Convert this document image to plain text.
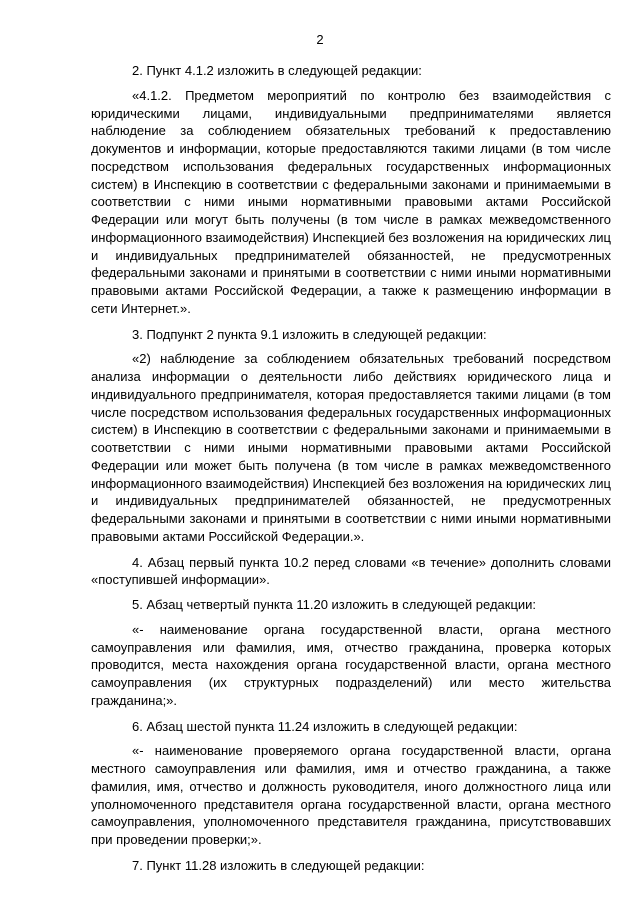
2

2. Пункт 4.1.2 изложить в следующей редакции:

«4.1.2. Предметом мероприятий по контролю без взаимодействия с юридическими лицами, индивидуальными предпринимателями является наблюдение за соблюдением обязательных требований к предоставлению документов и информации, которые предоставляются такими лицами (в том числе посредством использования федеральных государственных информационных систем) в Инспекцию в соответствии с федеральными законами и принимаемыми в соответствии с ними иными нормативными правовыми актами Российской Федерации или могут быть получены (в том числе в рамках межведомственного информационного взаимодействия) Инспекцией без возложения на юридических лиц и индивидуальных предпринимателей обязанностей, не предусмотренных федеральными законами и принятыми в соответствии с ними иными нормативными правовыми актами Российской Федерации, а также к размещению информации в сети Интернет.».

3. Подпункт 2 пункта 9.1 изложить в следующей редакции:

«2) наблюдение за соблюдением обязательных требований посредством анализа информации о деятельности либо действиях юридического лица и индивидуального предпринимателя, которая предоставляется такими лицами (в том числе посредством использования федеральных государственных информационных систем) в Инспекцию в соответствии с федеральными законами и принимаемыми в соответствии с ними иными нормативными правовыми актами Российской Федерации или может быть получена (в том числе в рамках межведомственного информационного взаимодействия) Инспекцией без возложения на юридических лиц и индивидуальных предпринимателей обязанностей, не предусмотренных федеральными законами и принятыми в соответствии с ними иными нормативными правовыми актами Российской Федерации.».

4. Абзац первый пункта 10.2 перед словами «в течение» дополнить словами «поступившей информации».

5. Абзац четвертый пункта 11.20 изложить в следующей редакции:

«- наименование органа государственной власти, органа местного самоуправления или фамилия, имя, отчество гражданина, проверка которых проводится, места нахождения органа государственной власти, органа местного самоуправления (их структурных подразделений) или место жительства гражданина;».

6. Абзац шестой пункта 11.24 изложить в следующей редакции:

«- наименование проверяемого органа государственной власти, органа местного самоуправления или фамилия, имя и отчество гражданина, а также фамилия, имя, отчество и должность руководителя, иного должностного лица или уполномоченного представителя органа государственной власти, органа местного самоуправления, уполномоченного представителя гражданина, присутствовавших при проведении проверки;».

7. Пункт 11.28 изложить в следующей редакции:
